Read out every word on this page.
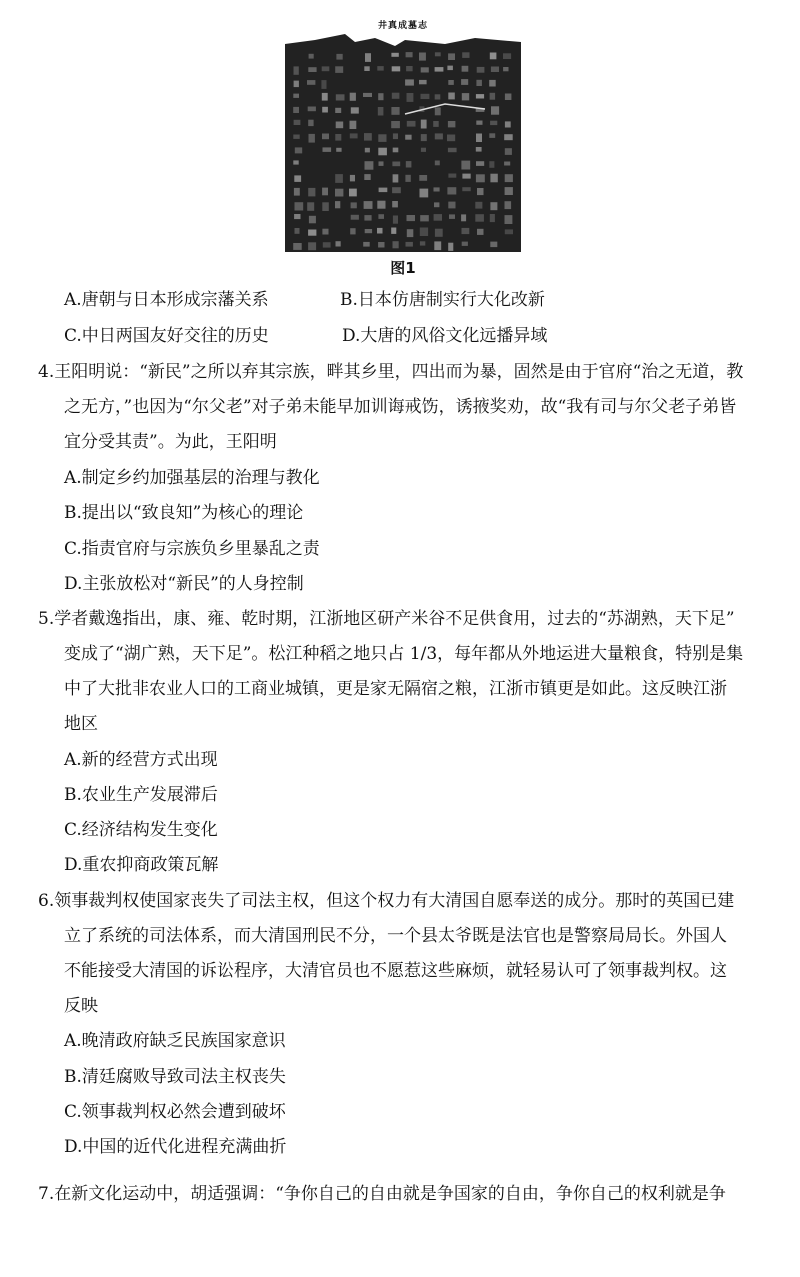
井真成墓志
图1
A.唐朝与日本形成宗藩关系	B.日本仿唐制实行大化改新
C.中日两国友好交往的历史	D.大唐的风俗文化远播异域
4.王阳明说：“新民”之所以弃其宗族，畔其乡里，四出而为暴，固然是由于官府“治之无道，教
之无方，”也因为“尔父老”对子弟未能早加训诲戒饬，诱掖奖劝，故“我有司与尔父老子弟皆
宜分受其责”。为此，王阳明
A.制定乡约加强基层的治理与教化
B.提出以“致良知”为核心的理论
C.指责官府与宗族负乡里暴乱之责
D.主张放松对“新民”的人身控制
5.学者戴逸指出，康、雍、乾时期，江浙地区研产米谷不足供食用，过去的“苏湖熟，天下足”
变成了“湖广熟，天下足”。松江种稻之地只占 1/3，每年都从外地运进大量粮食，特别是集
中了大批非农业人口的工商业城镇，更是家无隔宿之粮，江浙市镇更是如此。这反映江浙
地区
A.新的经营方式出现
B.农业生产发展滞后
C.经济结构发生变化
D.重农抑商政策瓦解
6.领事裁判权使国家丧失了司法主权，但这个权力有大清国自愿奉送的成分。那时的英国已建
立了系统的司法体系，而大清国刑民不分，一个县太爷既是法官也是警察局局长。外国人
不能接受大清国的诉讼程序，大清官员也不愿惹这些麻烦，就轻易认可了领事裁判权。这
反映
A.晚清政府缺乏民族国家意识
B.清廷腐败导致司法主权丧失
C.领事裁判权必然会遭到破坏
D.中国的近代化进程充满曲折
7.在新文化运动中，胡适强调：“争你自己的自由就是争国家的自由，争你自己的权利就是争
